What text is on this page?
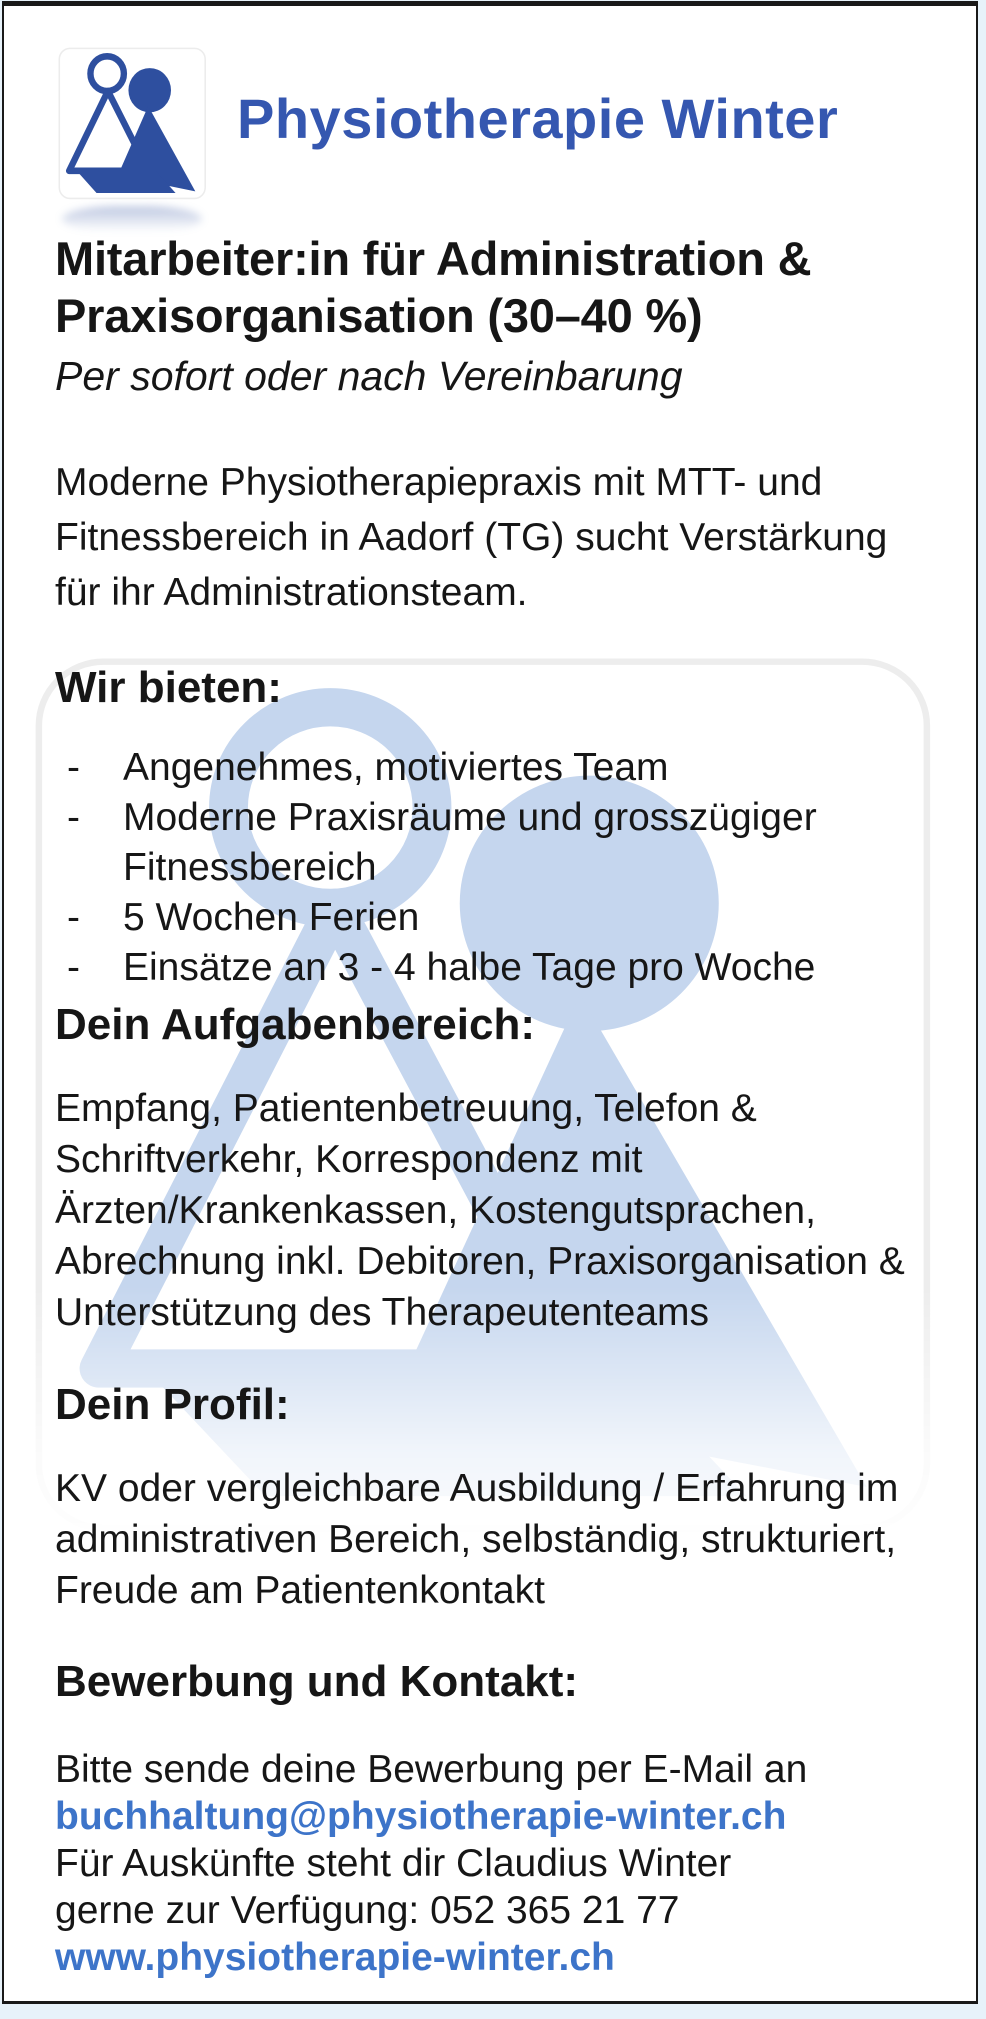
Physiotherapie Winter
Mitarbeiter:in für Administration & Praxisorganisation (30–40 %)
Per sofort oder nach Vereinbarung
Moderne Physiotherapiepraxis mit MTT- und Fitnessbereich in Aadorf (TG) sucht Verstärkung für ihr Administrationsteam.
Wir bieten:
-	Angenehmes, motiviertes Team
-	Moderne Praxisräume und grosszügiger Fitnessbereich
-	5 Wochen Ferien
-	Einsätze an 3 - 4 halbe Tage pro Woche
Dein Aufgabenbereich:
Empfang, Patientenbetreuung, Telefon & Schriftverkehr, Korrespondenz mit Ärzten/Krankenkassen, Kostengutsprachen, Abrechnung inkl. Debitoren, Praxisorganisation & Unterstützung des Therapeutenteams
Dein Profil:
KV oder vergleichbare Ausbildung / Erfahrung im administrativen Bereich, selbständig, strukturiert, Freude am Patientenkontakt
Bewerbung und Kontakt:
Bitte sende deine Bewerbung per E-Mail an
buchhaltung@physiotherapie-winter.ch
Für Auskünfte steht dir Claudius Winter
gerne zur Verfügung: 052 365 21 77
www.physiotherapie-winter.ch
